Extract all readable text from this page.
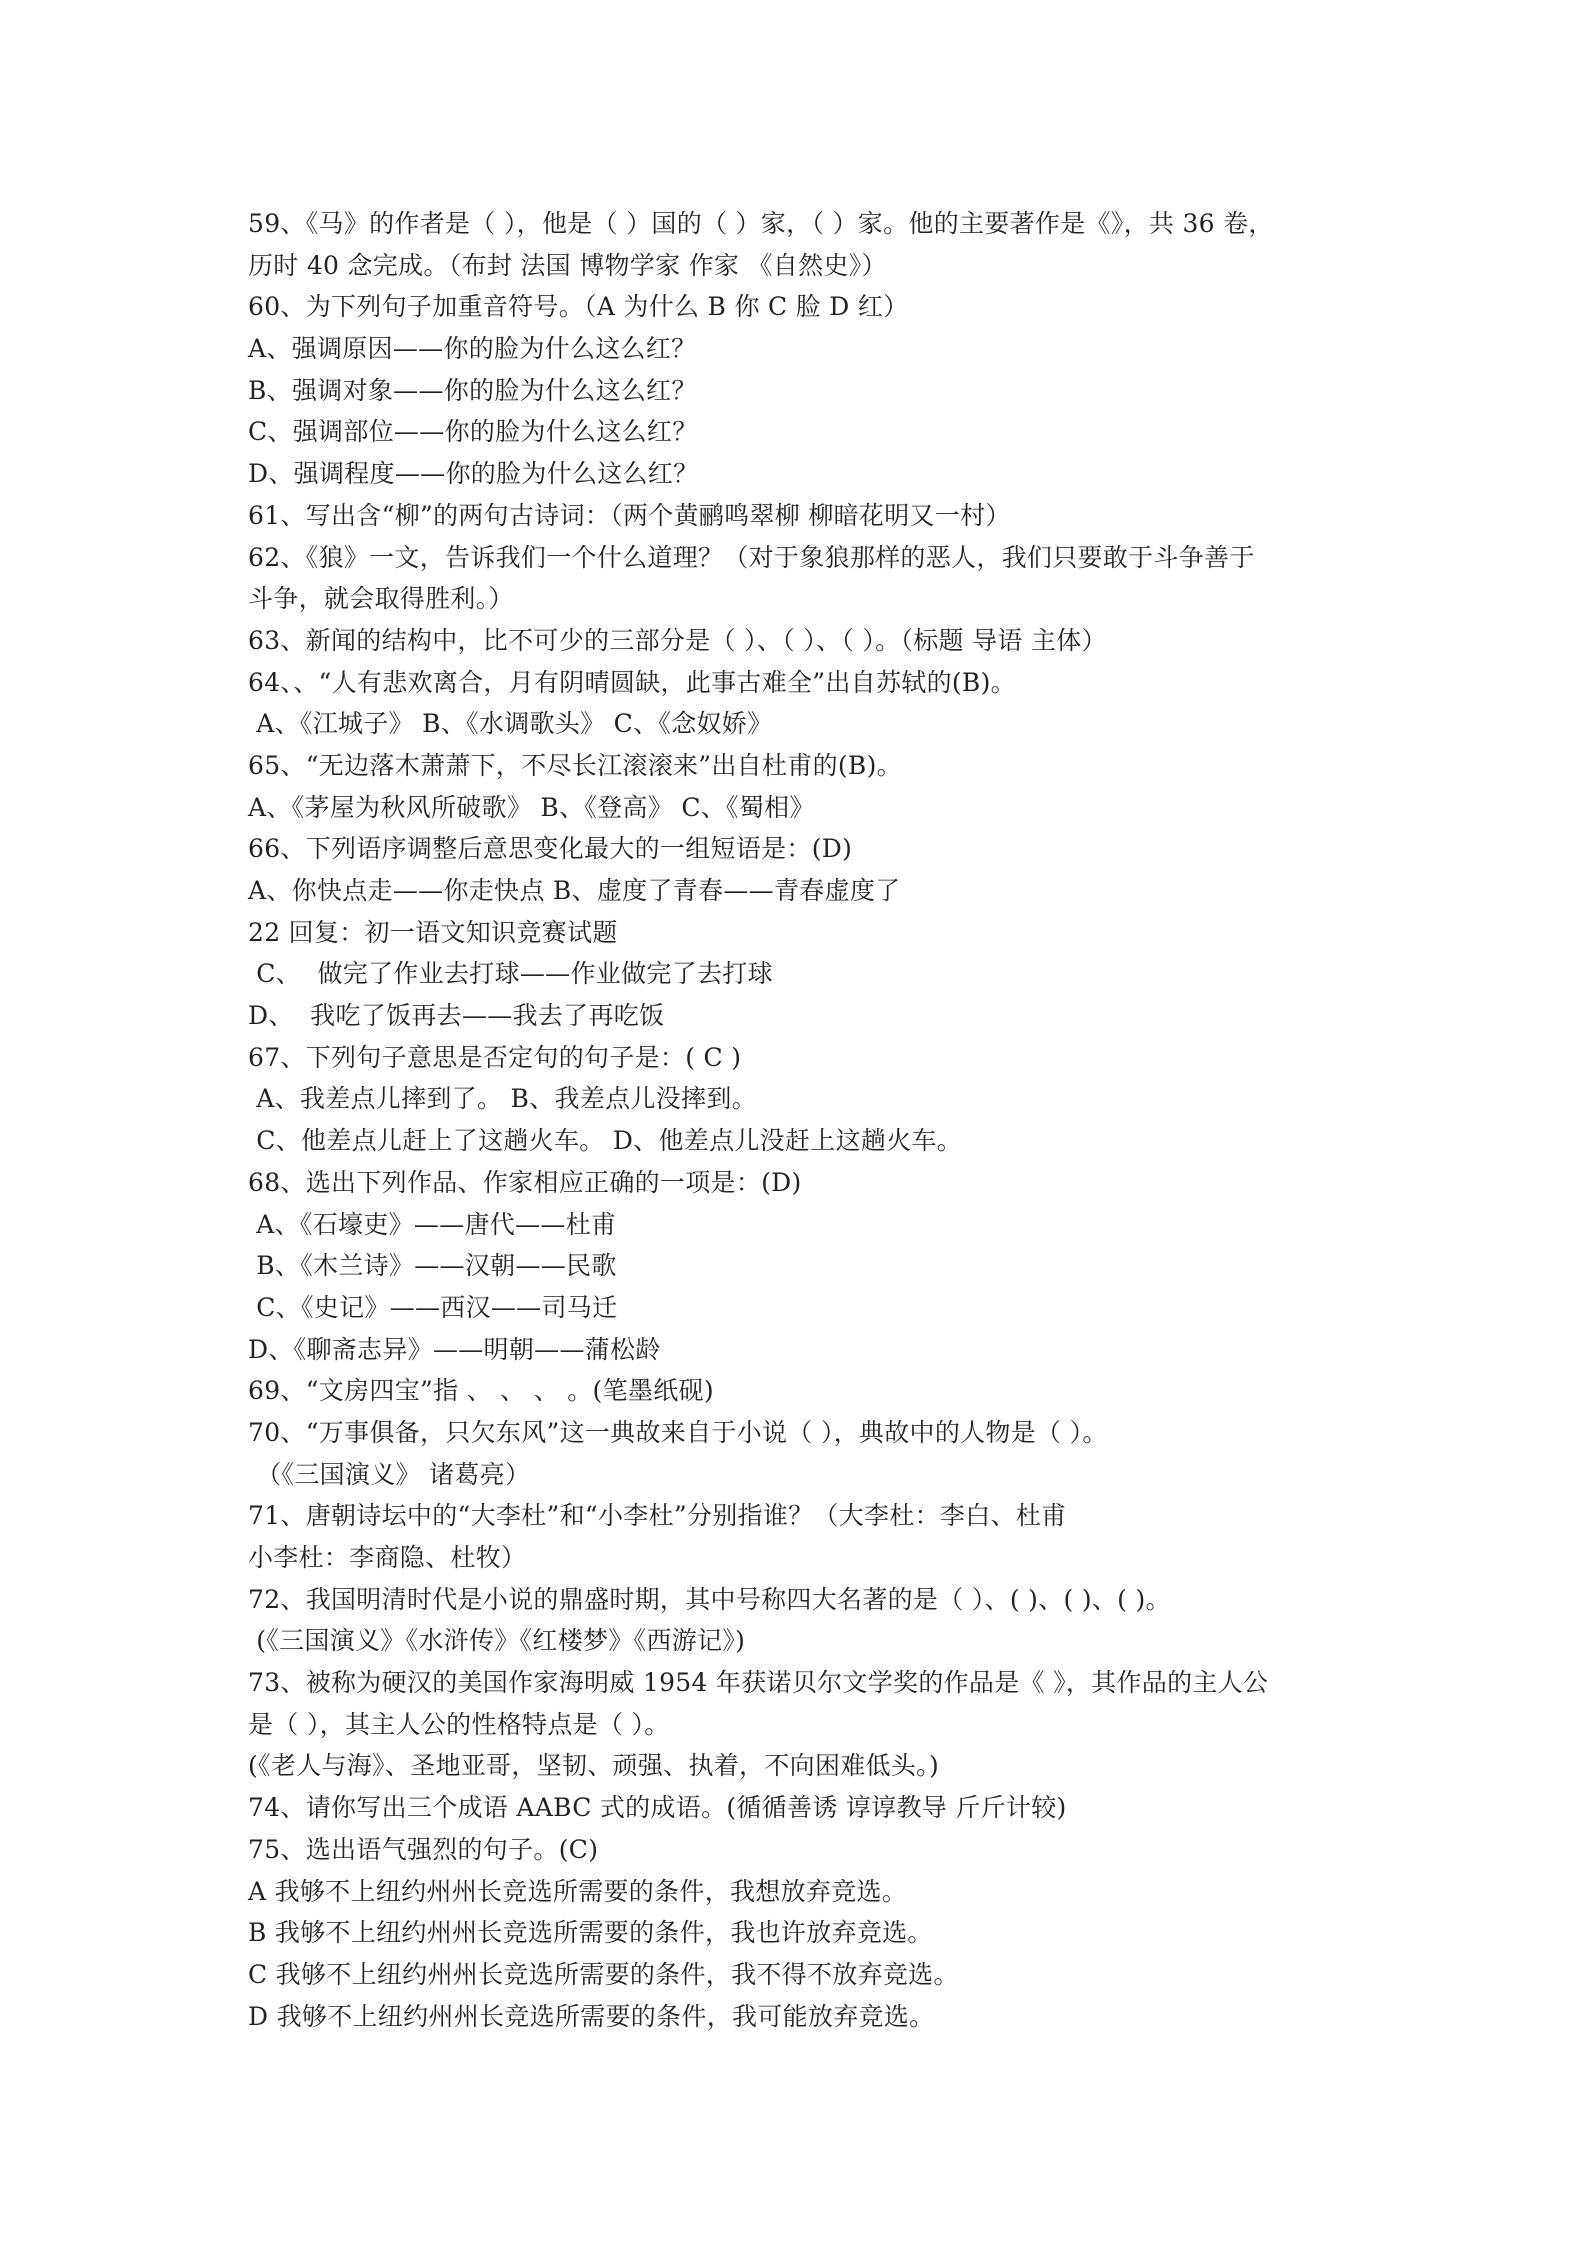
59、《马》的作者是（ ），他是（ ）国的（ ）家，（ ）家。他的主要著作是《》，共 36 卷，
历时 40 念完成。（布封 法国 博物学家 作家 《自然史》）
60、为下列句子加重音符号。（A 为什么 B 你 C 脸 D 红）
A、强调原因——你的脸为什么这么红？
B、强调对象——你的脸为什么这么红？
C、强调部位——你的脸为什么这么红？
D、强调程度——你的脸为什么这么红？
61、写出含“柳”的两句古诗词：（两个黄鹂鸣翠柳 柳暗花明又一村）
62、《狼》一文，告诉我们一个什么道理？（对于象狼那样的恶人，我们只要敢于斗争善于
斗争，就会取得胜利。）
63、新闻的结构中，比不可少的三部分是（ ）、（ ）、（ ）。（标题 导语 主体）
64、、“人有悲欢离合，月有阴晴圆缺，此事古难全”出自苏轼的(B)。
A、《江城子》 B、《水调歌头》 C、《念奴娇》
65、“无边落木萧萧下，不尽长江滚滚来”出自杜甫的(B)。
A、《茅屋为秋风所破歌》 B、《登高》 C、《蜀相》
66、下列语序调整后意思变化最大的一组短语是：(D)
A、你快点走——你走快点 B、虚度了青春——青春虚度了
22 回复：初一语文知识竞赛试题
C、  做完了作业去打球——作业做完了去打球
D、  我吃了饭再去——我去了再吃饭
67、下列句子意思是否定句的句子是：( C )
A、我差点儿摔到了。 B、我差点儿没摔到。
C、他差点儿赶上了这趟火车。 D、他差点儿没赶上这趟火车。
68、选出下列作品、作家相应正确的一项是：(D)
A、《石壕吏》——唐代——杜甫
B、《木兰诗》——汉朝——民歌
C、《史记》——西汉——司马迁
D、《聊斋志异》——明朝——蒲松龄
69、“文房四宝”指 、 、 、 。(笔墨纸砚)
70、“万事俱备，只欠东风”这一典故来自于小说（ ），典故中的人物是（ ）。
（《三国演义》 诸葛亮）
71、唐朝诗坛中的“大李杜”和“小李杜”分别指谁？（大李杜：李白、杜甫
小李杜：李商隐、杜牧）
72、我国明清时代是小说的鼎盛时期，其中号称四大名著的是（ ）、( )、( )、( )。
(《三国演义》《水浒传》《红楼梦》《西游记》)
73、被称为硬汉的美国作家海明威 1954 年获诺贝尔文学奖的作品是《 》，其作品的主人公
是（ ），其主人公的性格特点是（ ）。
(《老人与海》、圣地亚哥，坚韧、顽强、执着，不向困难低头。)
74、请你写出三个成语 AABC 式的成语。(循循善诱 谆谆教导 斤斤计较)
75、选出语气强烈的句子。(C)
A 我够不上纽约州州长竞选所需要的条件，我想放弃竞选。
B 我够不上纽约州州长竞选所需要的条件，我也许放弃竞选。
C 我够不上纽约州州长竞选所需要的条件，我不得不放弃竞选。
D 我够不上纽约州州长竞选所需要的条件，我可能放弃竞选。
